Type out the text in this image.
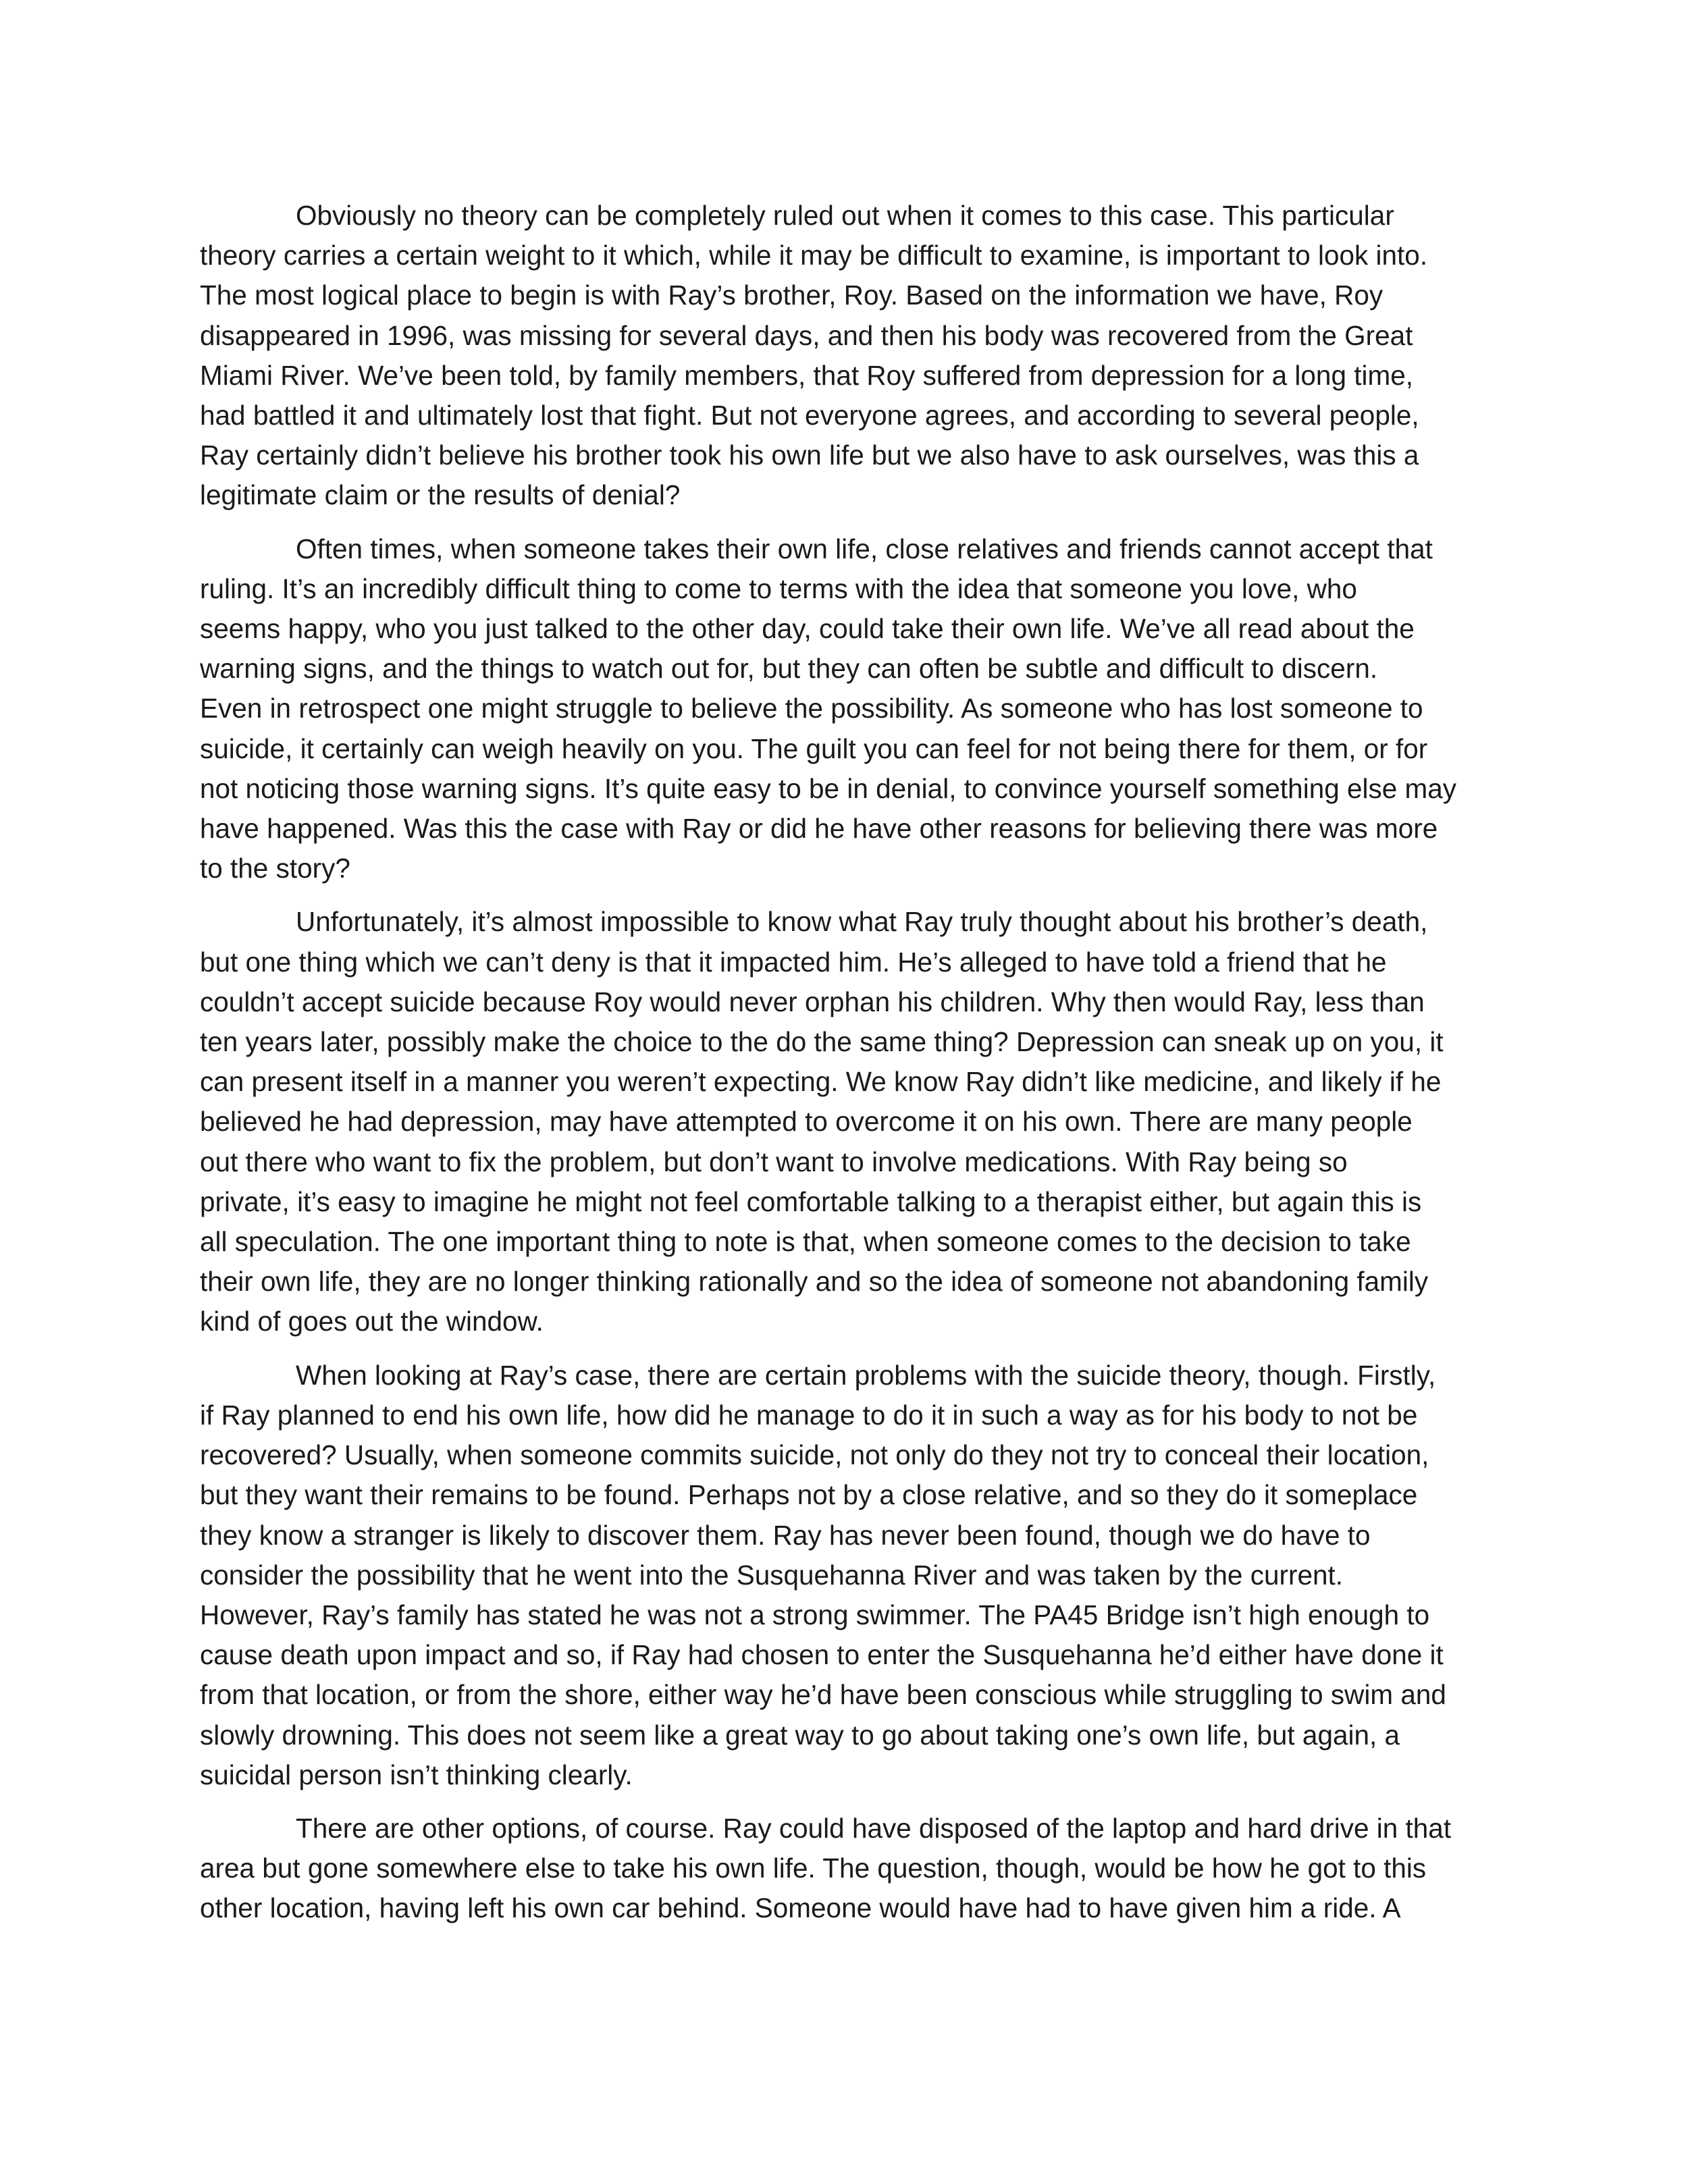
Obviously no theory can be completely ruled out when it comes to this case. This particular
theory carries a certain weight to it which, while it may be difficult to examine, is important to look into.
The most logical place to begin is with Ray’s brother, Roy. Based on the information we have, Roy
disappeared in 1996, was missing for several days, and then his body was recovered from the Great
Miami River. We’ve been told, by family members, that Roy suffered from depression for a long time,
had battled it and ultimately lost that fight. But not everyone agrees, and according to several people,
Ray certainly didn’t believe his brother took his own life but we also have to ask ourselves, was this a
legitimate claim or the results of denial?

Often times, when someone takes their own life, close relatives and friends cannot accept that
ruling. It’s an incredibly difficult thing to come to terms with the idea that someone you love, who
seems happy, who you just talked to the other day, could take their own life. We’ve all read about the
warning signs, and the things to watch out for, but they can often be subtle and difficult to discern.
Even in retrospect one might struggle to believe the possibility. As someone who has lost someone to
suicide, it certainly can weigh heavily on you. The guilt you can feel for not being there for them, or for
not noticing those warning signs. It’s quite easy to be in denial, to convince yourself something else may
have happened. Was this the case with Ray or did he have other reasons for believing there was more
to the story?

Unfortunately, it’s almost impossible to know what Ray truly thought about his brother’s death,
but one thing which we can’t deny is that it impacted him. He’s alleged to have told a friend that he
couldn’t accept suicide because Roy would never orphan his children. Why then would Ray, less than
ten years later, possibly make the choice to the do the same thing? Depression can sneak up on you, it
can present itself in a manner you weren’t expecting. We know Ray didn’t like medicine, and likely if he
believed he had depression, may have attempted to overcome it on his own. There are many people
out there who want to fix the problem, but don’t want to involve medications. With Ray being so
private, it’s easy to imagine he might not feel comfortable talking to a therapist either, but again this is
all speculation. The one important thing to note is that, when someone comes to the decision to take
their own life, they are no longer thinking rationally and so the idea of someone not abandoning family
kind of goes out the window.

When looking at Ray’s case, there are certain problems with the suicide theory, though. Firstly,
if Ray planned to end his own life, how did he manage to do it in such a way as for his body to not be
recovered? Usually, when someone commits suicide, not only do they not try to conceal their location,
but they want their remains to be found. Perhaps not by a close relative, and so they do it someplace
they know a stranger is likely to discover them. Ray has never been found, though we do have to
consider the possibility that he went into the Susquehanna River and was taken by the current.
However, Ray’s family has stated he was not a strong swimmer. The PA45 Bridge isn’t high enough to
cause death upon impact and so, if Ray had chosen to enter the Susquehanna he’d either have done it
from that location, or from the shore, either way he’d have been conscious while struggling to swim and
slowly drowning. This does not seem like a great way to go about taking one’s own life, but again, a
suicidal person isn’t thinking clearly.

There are other options, of course. Ray could have disposed of the laptop and hard drive in that
area but gone somewhere else to take his own life. The question, though, would be how he got to this
other location, having left his own car behind. Someone would have had to have given him a ride. A
